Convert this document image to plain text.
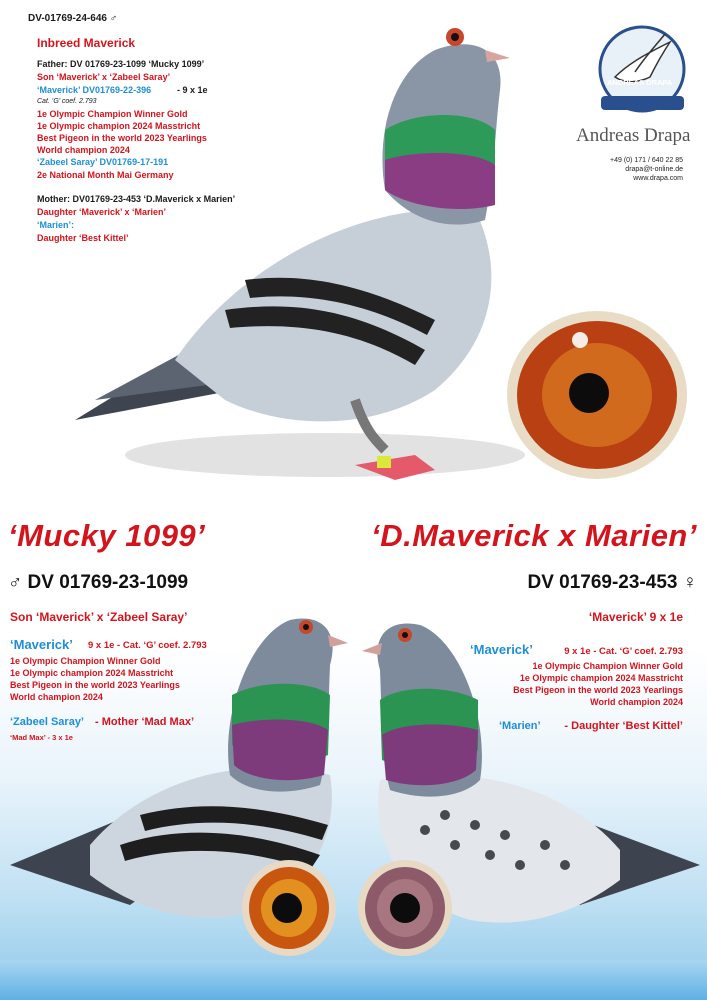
DV-01769-24-646 ♂

Inbreed Maverick

Father: DV 01769-23-1099 ‘Mucky 1099’

Son ‘Maverick’ x ‘Zabeel Saray’

‘Maverick’ DV01769-22-396	- 9 x 1e

Cat. ‘G’ coef. 2.793

1e Olympic Champion Winner Gold

1e Olympic champion 2024 Masstricht

Best Pigeon in the world 2023 Yearlings

World champion 2024

‘Zabeel Saray’ DV01769-17-191

2e National Month Mai Germany

Mother: DV01769-23-453 ‘D.Maverick x Marien’

Daughter ‘Maverick’ x ‘Marien’

‘Marien’:

Daughter ‘Best Kittel’

ANDREAS DRAPA

Andreas Drapa

+49 (0) 171 / 640 22 85

drapa@t-online.de

www.drapa.com

‘Mucky 1099’	‘D.Maverick x Marien’

♂ DV 01769-23-1099	DV 01769-23-453 ♀

Son ‘Maverick’ x ‘Zabeel Saray’

‘Maverick’ 9 x 1e - Cat. ‘G’ coef. 2.793

1e Olympic Champion Winner Gold

1e Olympic champion 2024 Masstricht

Best Pigeon in the world 2023 Yearlings

World champion 2024

‘Zabeel Saray’ - Mother ‘Mad Max’

‘Mad Max’ - 3 x 1e

‘Maverick’ 9 x 1e

‘Maverick’	9 x 1e - Cat. ‘G’ coef. 2.793

1e Olympic Champion Winner Gold

1e Olympic champion 2024 Masstricht

Best Pigeon in the world 2023 Yearlings

World champion 2024

‘Marien’ - Daughter ‘Best Kittel’
